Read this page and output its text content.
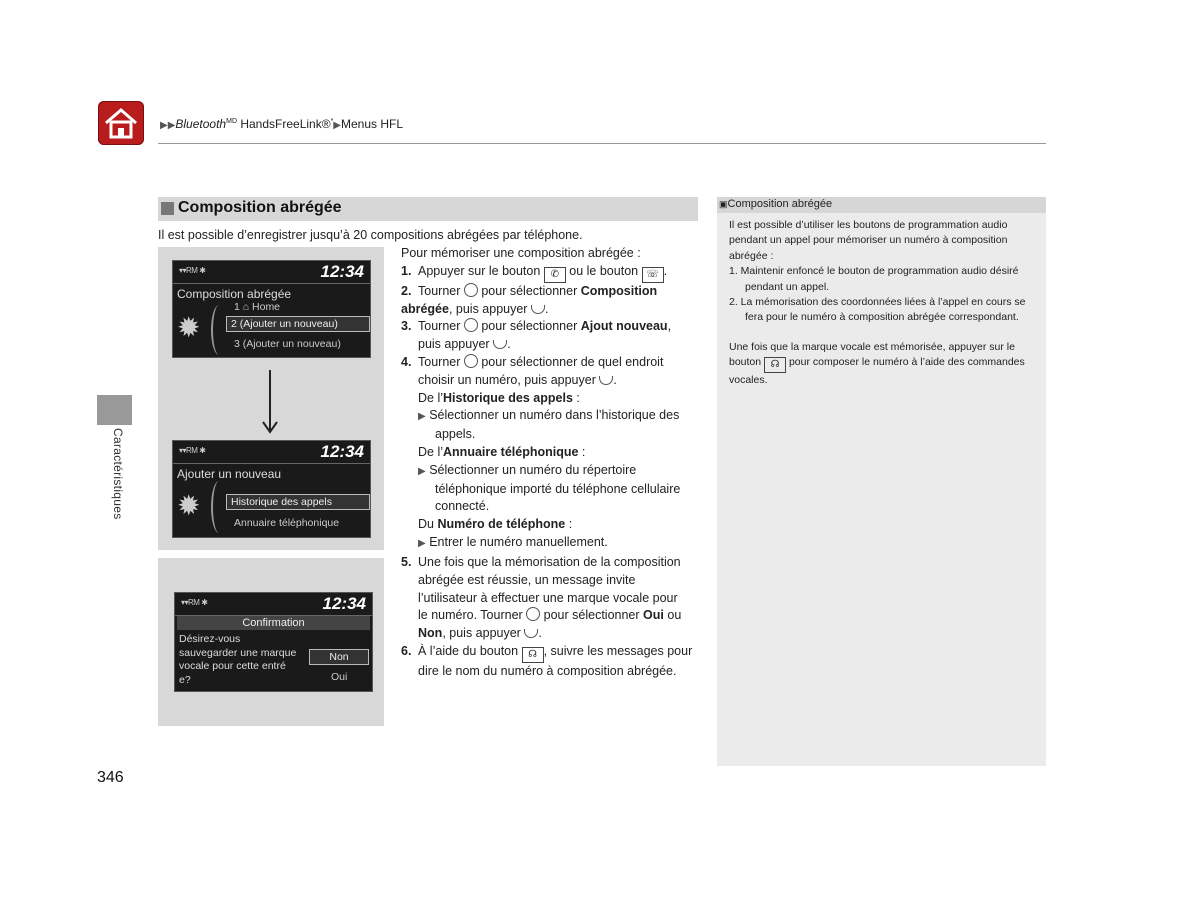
▶▶Bluetooth$^{MD}$ HandsFreeLink®*▶Menus HFL
Caractéristiques
Composition abrégée
Il est possible d’enregistrer jusqu’à 20 compositions abrégées par téléphone.
▾▾RM ✱	12:34
Composition abrégée
✹
1 ⌂ Home
2 (Ajouter un nouveau)
3 (Ajouter un nouveau)
▾▾RM ✱	12:34
Ajouter un nouveau
✹	Historique des appels
Annuaire téléphonique
▾▾RM ✱	12:34
Confirmation
Désirez-vous
sauvegarder une marque
vocale pour cette entré
e?
Non
Oui
Pour mémoriser une composition abrégée :
1. Appuyer sur le bouton ✆ ou le bouton ☏ .
2. Tourner pour sélectionner Composition abrégée, puis appuyer .
3. Tourner pour sélectionner Ajout nouveau,
puis appuyer .
4. Tourner pour sélectionner de quel endroit
choisir un numéro, puis appuyer .
De l’Historique des appels :
▶ Sélectionner un numéro dans l’historique des
appels.
De l’Annuaire téléphonique :
▶ Sélectionner un numéro du répertoire
téléphonique importé du téléphone cellulaire
connecté.
Du Numéro de téléphone :
▶ Entrer le numéro manuellement.
5. Une fois que la mémorisation de la composition
abrégée est réussie, un message invite
l’utilisateur à effectuer une marque vocale pour
le numéro. Tourner pour sélectionner Oui ou
Non, puis appuyer .
6. À l’aide du bouton ☊ , suivre les messages pour
dire le nom du numéro à composition abrégée.
▣Composition abrégée
Il est possible d’utiliser les boutons de programmation audio pendant un appel pour mémoriser un numéro à composition abrégée :
1. Maintenir enfoncé le bouton de programmation audio désiré pendant un appel.
2. La mémorisation des coordonnées liées à l’appel en cours se fera pour le numéro à composition abrégée correspondant.
Une fois que la marque vocale est mémorisée, appuyer sur le
bouton ☊ pour composer le numéro à l’aide des commandes vocales.
346
